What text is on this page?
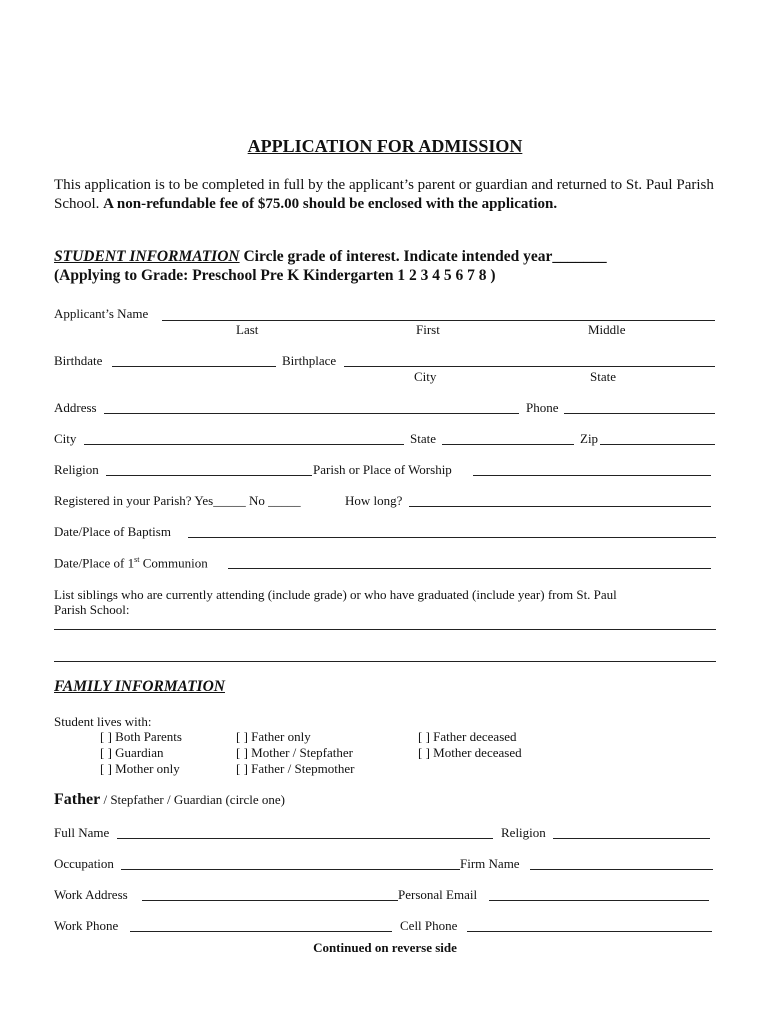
APPLICATION FOR ADMISSION
This application is to be completed in full by the applicant’s parent or guardian and returned to St. Paul Parish School. A non-refundable fee of $75.00 should be enclosed with the application.
STUDENT INFORMATION Circle grade of interest. Indicate intended year_______
(Applying to Grade: Preschool Pre K Kindergarten 1 2 3 4 5 6 7 8 )
Applicant’s Name
Last	First	Middle
Birthdate	Birthplace
City	State
Address	Phone
City	State	Zip
Religion	Parish or Place of Worship
Registered in your Parish? Yes_____ No _____	How long?
Date/Place of Baptism
Date/Place of 1st Communion
List siblings who are currently attending (include grade) or who have graduated (include year) from St. Paul
Parish School:
FAMILY INFORMATION
Student lives with:
[ ] Both Parents
[ ] Guardian
[ ] Mother only
[ ] Father only
[ ] Mother / Stepfather
[ ] Father / Stepmother
[ ] Father deceased
[ ] Mother deceased
Father / Stepfather / Guardian (circle one)
Full Name	Religion
Occupation	Firm Name
Work Address	Personal Email
Work Phone	Cell Phone
Continued on reverse side
